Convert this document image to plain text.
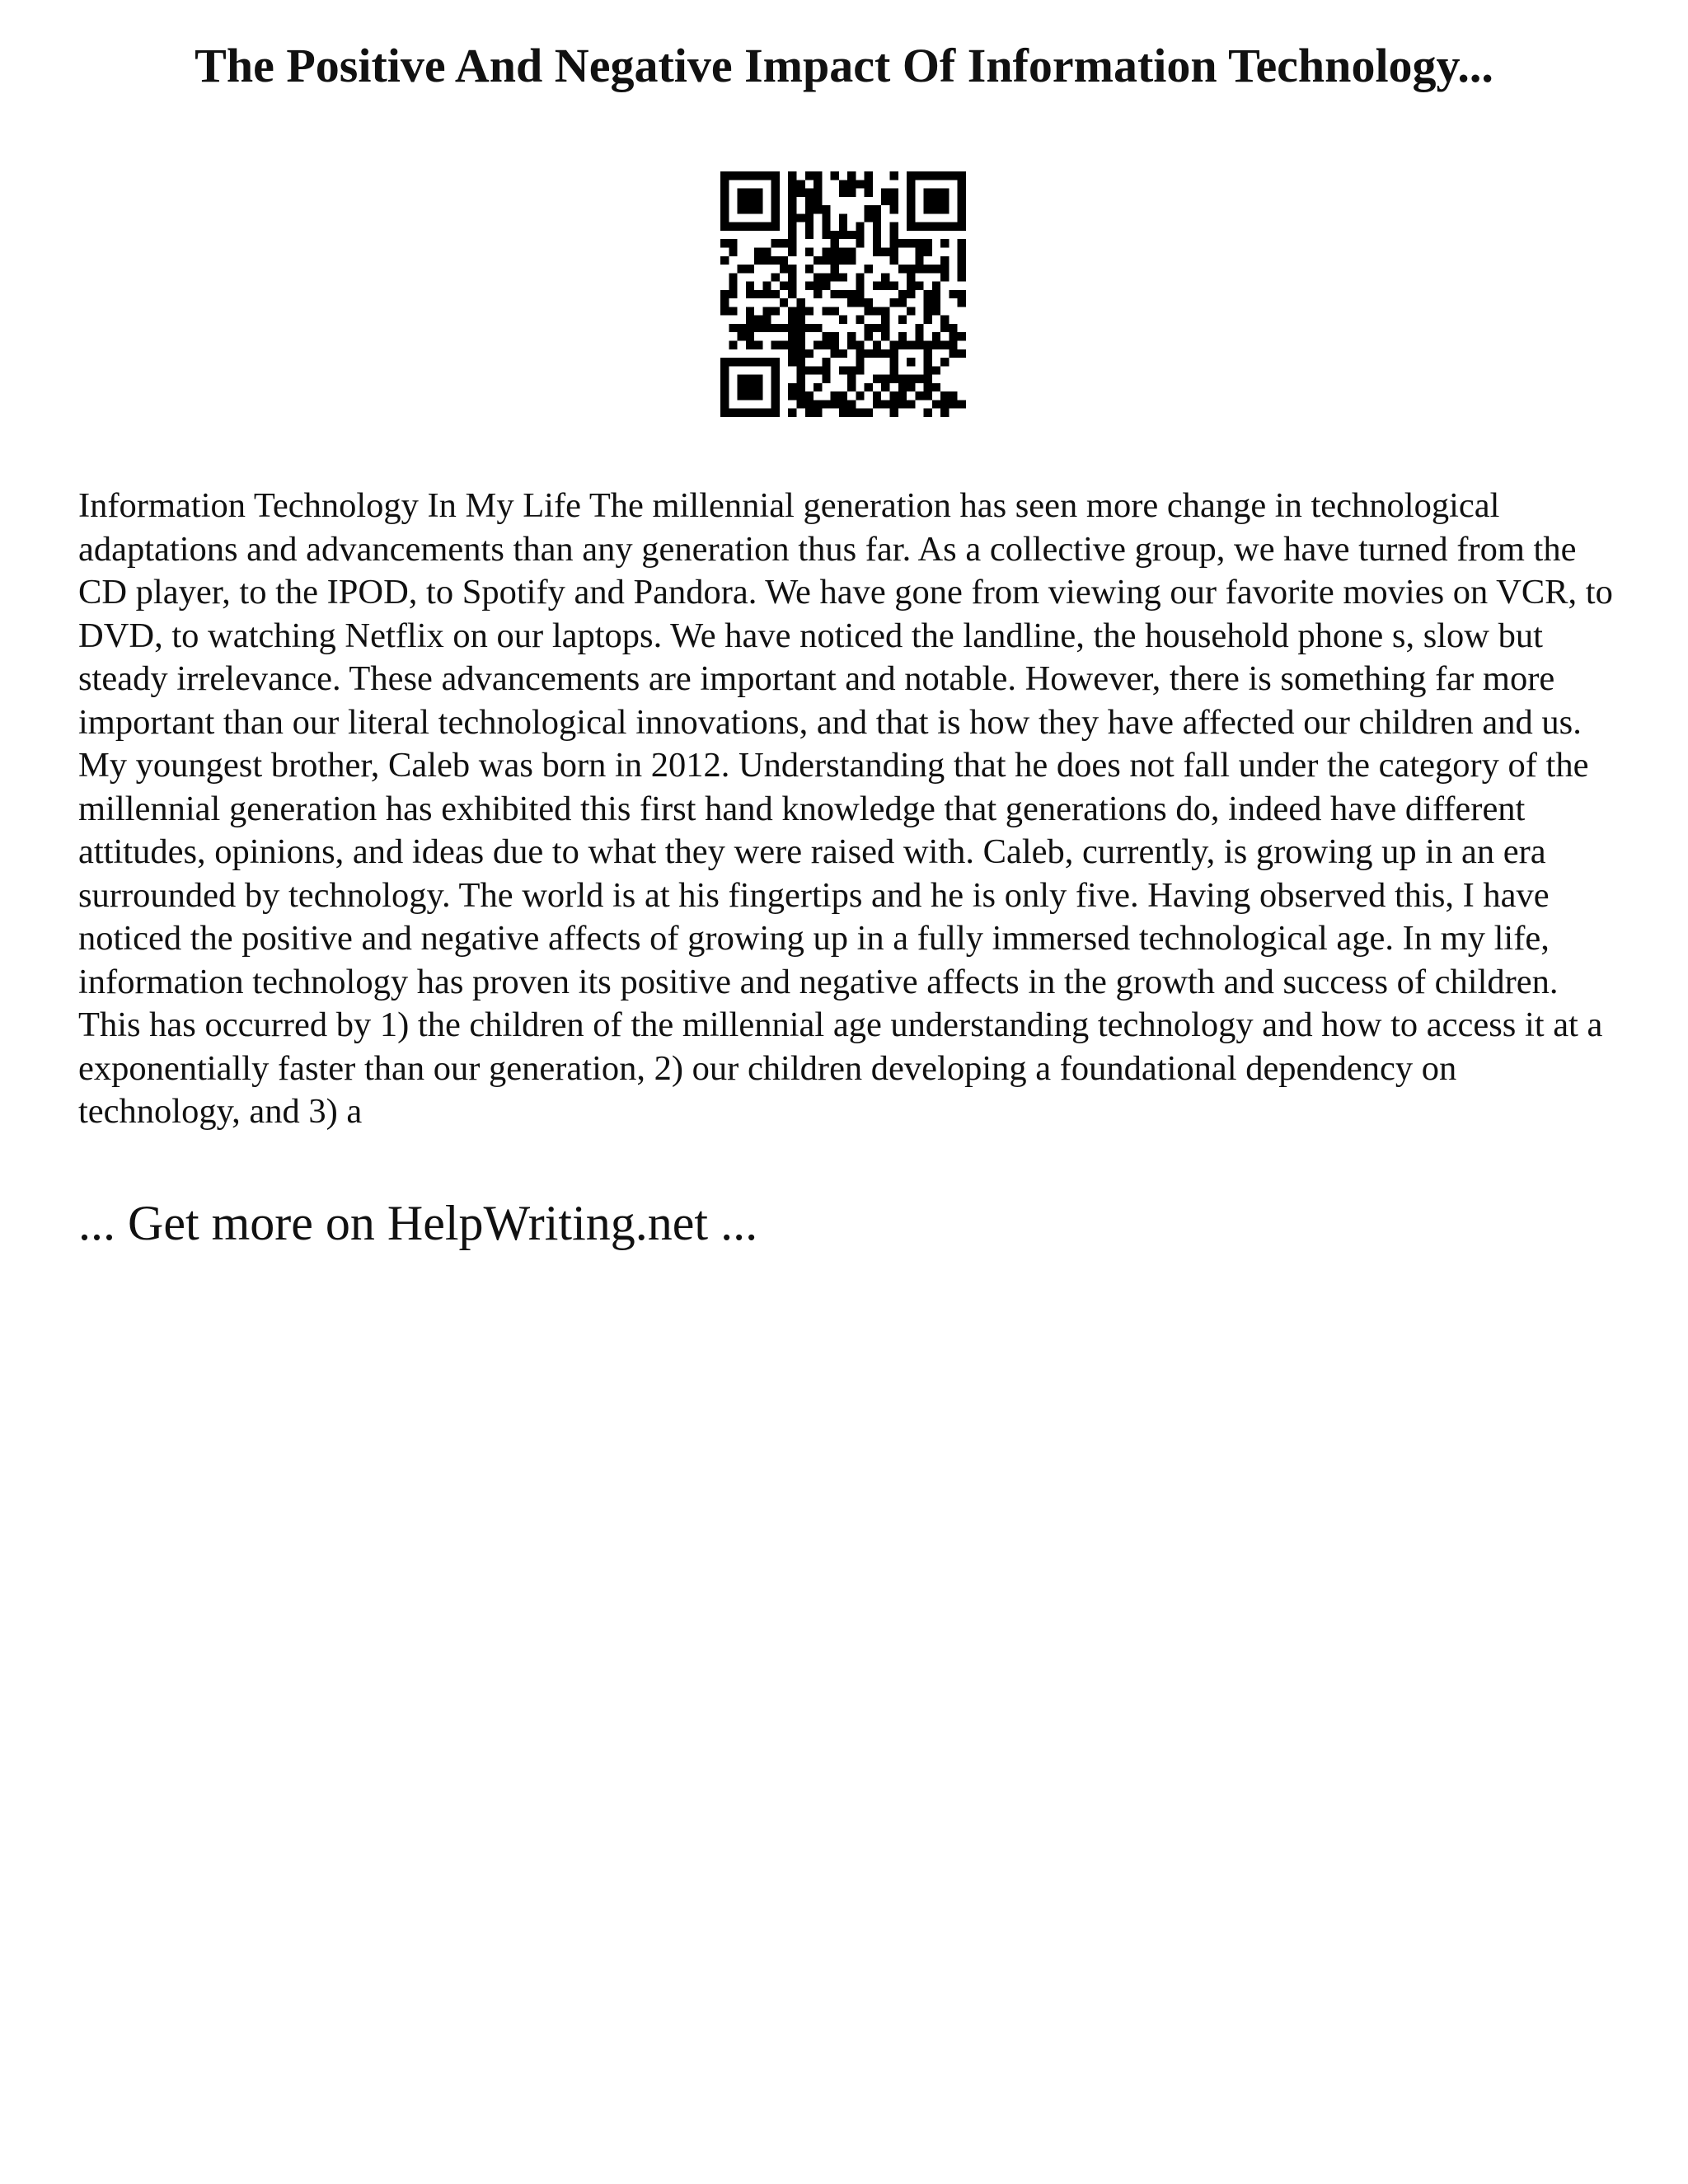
The Positive And Negative Impact Of Information Technology...

Information Technology In My Life The millennial generation has seen more change in technological adaptations and advancements than any generation thus far. As a collective group, we have turned from the CD player, to the IPOD, to Spotify and Pandora. We have gone from viewing our favorite movies on VCR, to DVD, to watching Netflix on our laptops. We have noticed the landline, the household phone s, slow but steady irrelevance. These advancements are important and notable. However, there is something far more important than our literal technological innovations, and that is how they have affected our children and us. My youngest brother, Caleb was born in 2012. Understanding that he does not fall under the category of the millennial generation has exhibited this first hand knowledge that generations do, indeed have different attitudes, opinions, and ideas due to what they were raised with. Caleb, currently, is growing up in an era surrounded by technology. The world is at his fingertips and he is only five. Having observed this, I have noticed the positive and negative affects of growing up in a fully immersed technological age. In my life, information technology has proven its positive and negative affects in the growth and success of children. This has occurred by 1) the children of the millennial age understanding technology and how to access it at a exponentially faster than our generation, 2) our children developing a foundational dependency on technology, and 3) a

... Get more on HelpWriting.net ...
